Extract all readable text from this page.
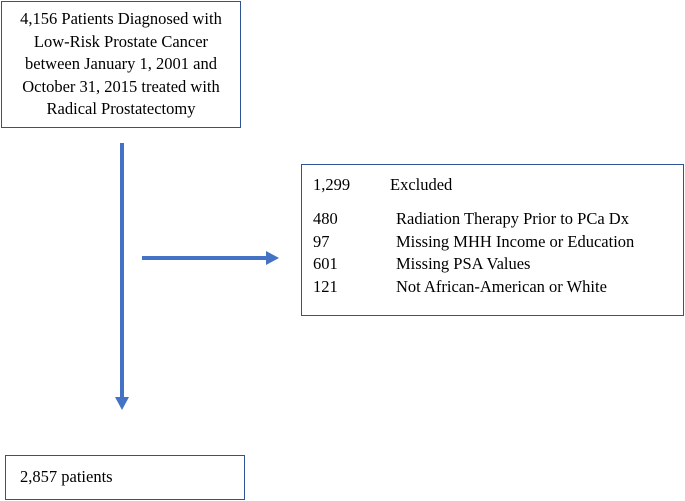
4,156 Patients Diagnosed with
Low-Risk Prostate Cancer
between January 1, 2001 and
October 31, 2015 treated with
Radical Prostatectomy
1,299 Excluded
480	Radiation Therapy Prior to PCa Dx
97	Missing MHH Income or Education
601	Missing PSA Values
121	Not African-American or White
2,857 patients
